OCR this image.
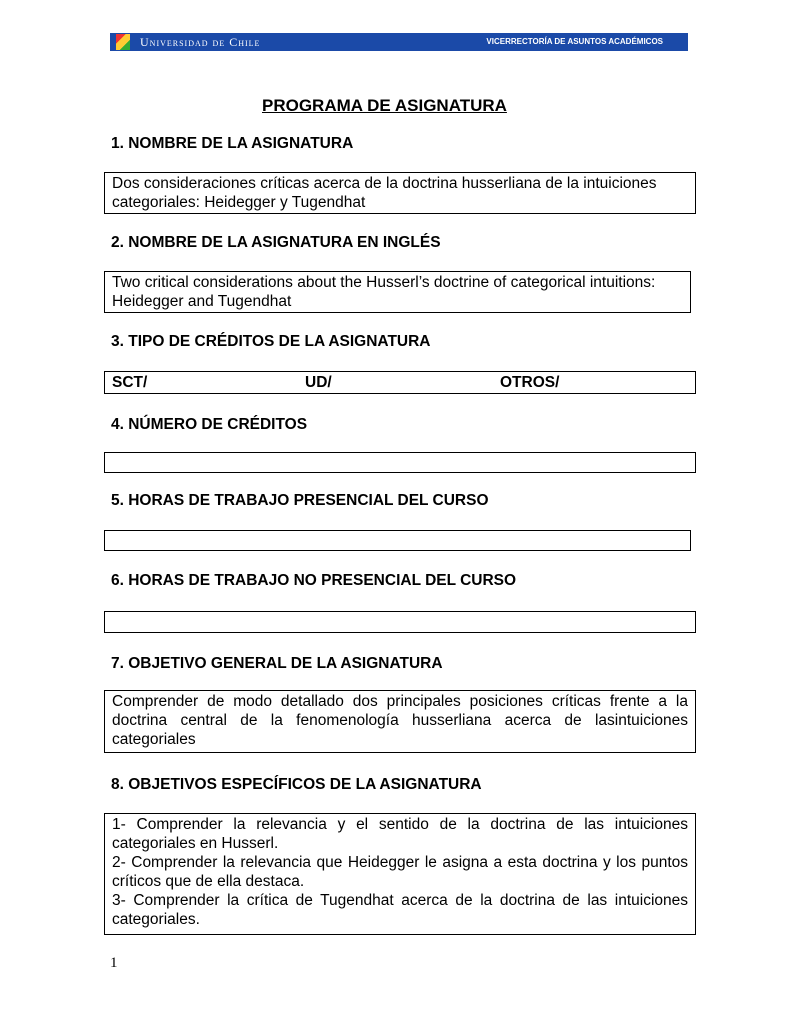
Universidad de Chile	VICERRECTORÍA DE ASUNTOS ACADÉMICOS
PROGRAMA DE ASIGNATURA
1. NOMBRE DE LA ASIGNATURA
Dos consideraciones críticas acerca de la doctrina husserliana de la intuiciones categoriales: Heidegger y Tugendhat
2. NOMBRE DE LA ASIGNATURA EN INGLÉS
Two critical considerations about the Husserl’s doctrine of categorical intuitions: Heidegger and Tugendhat
3. TIPO DE CRÉDITOS DE LA ASIGNATURA
SCT/	UD/	OTROS/
4. NÚMERO DE CRÉDITOS
5. HORAS DE TRABAJO PRESENCIAL DEL CURSO
6. HORAS DE TRABAJO NO PRESENCIAL DEL CURSO
7. OBJETIVO GENERAL DE LA ASIGNATURA
Comprender de modo detallado dos principales posiciones críticas frente a la doctrina central de la fenomenología husserliana acerca de lasintuiciones categoriales
8. OBJETIVOS ESPECÍFICOS DE LA ASIGNATURA
1- Comprender la relevancia y el sentido de la doctrina de las intuiciones categoriales en Husserl.
2- Comprender la relevancia que Heidegger le asigna a esta doctrina y los puntos críticos que de ella destaca.
3- Comprender la crítica de Tugendhat acerca de la doctrina de las intuiciones categoriales.
1
